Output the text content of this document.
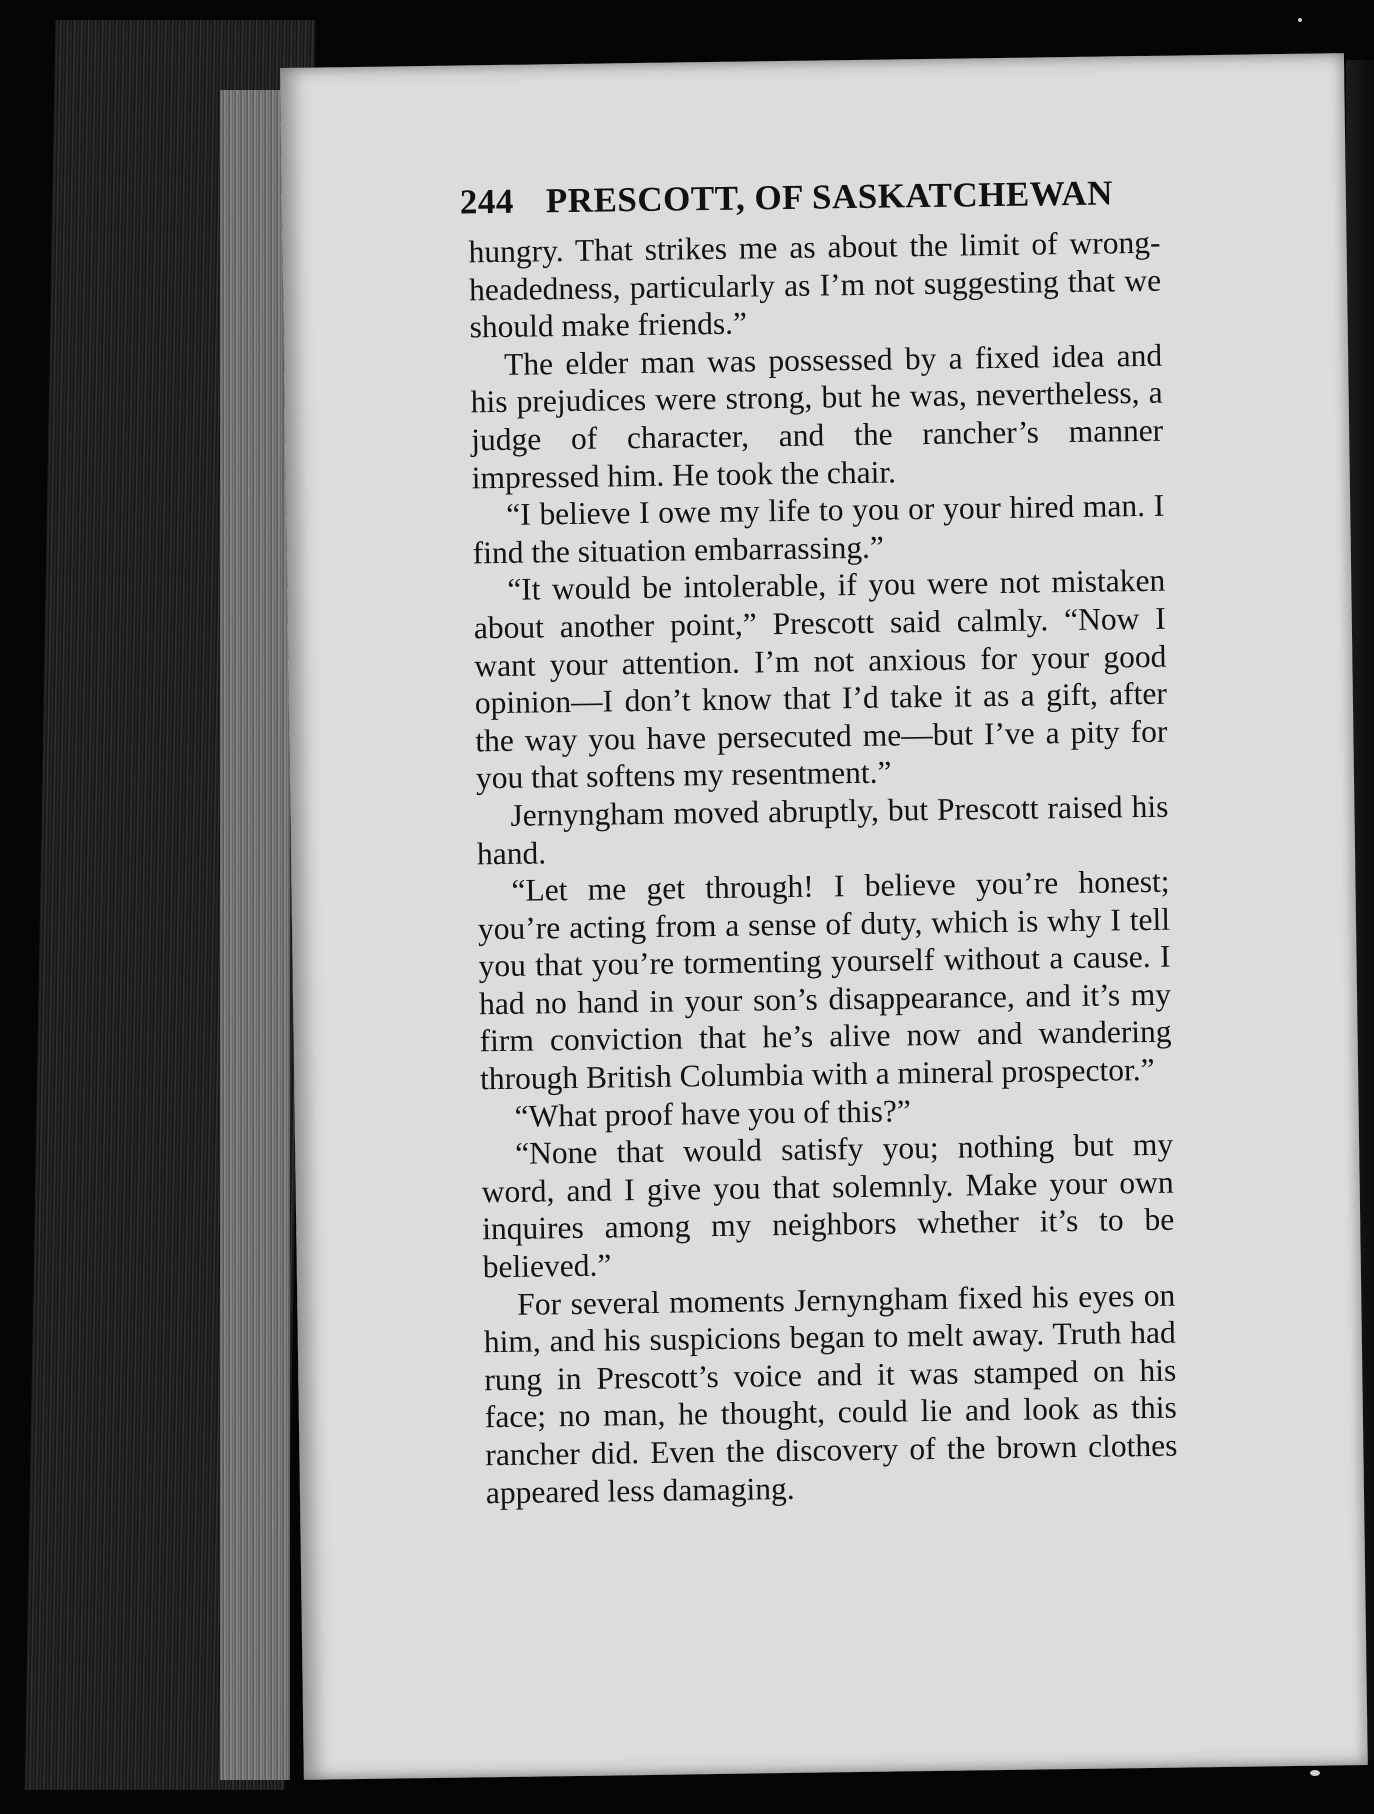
244 PRESCOTT, OF SASKATCHEWAN

hungry. That strikes me as about the limit of wrong-headedness, particularly as I’m not suggesting that we should make friends.”

The elder man was possessed by a fixed idea and his prejudices were strong, but he was, nevertheless, a judge of character, and the rancher’s manner impressed him. He took the chair.

“I believe I owe my life to you or your hired man. I find the situation embarrassing.”

“It would be intolerable, if you were not mistaken about another point,” Prescott said calmly. “Now I want your attention. I’m not anxious for your good opinion—I don’t know that I’d take it as a gift, after the way you have persecuted me—but I’ve a pity for you that softens my resentment.”

Jernyngham moved abruptly, but Prescott raised his hand.

“Let me get through! I believe you’re honest; you’re acting from a sense of duty, which is why I tell you that you’re tormenting yourself without a cause. I had no hand in your son’s disappearance, and it’s my firm conviction that he’s alive now and wandering through British Columbia with a mineral prospector.”

“What proof have you of this?”

“None that would satisfy you; nothing but my word, and I give you that solemnly. Make your own inquires among my neighbors whether it’s to be believed.”

For several moments Jernyngham fixed his eyes on him, and his suspicions began to melt away. Truth had rung in Prescott’s voice and it was stamped on his face; no man, he thought, could lie and look as this rancher did. Even the discovery of the brown clothes appeared less damaging.
